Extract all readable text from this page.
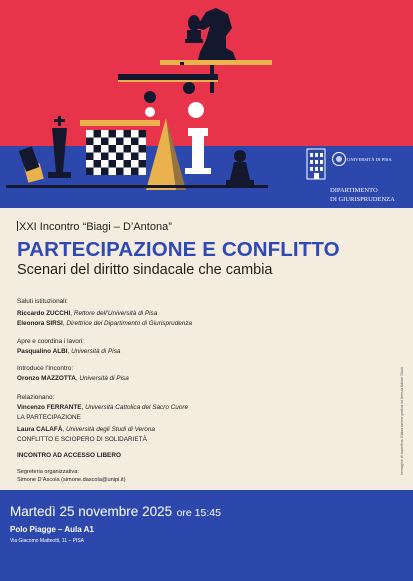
UNIVERSITÀ DI PISA
DIPARTIMENTO
DI GIURISPRUDENZA
XXI Incontro “Biagi – D’Antona”
PARTECIPAZIONE E CONFLITTO
Scenari del diritto sindacale che cambia
Saluti istituzionali:
Riccardo ZUCCHI, Rettore dell’Università di Pisa
Eleonora SIRSI, Direttrice del Dipartimento di Giurisprudenza
Apre e coordina i lavori:
Pasqualino ALBI, Università di Pisa
Introduce l’Incontro:
Oronzo MAZZOTTA, Università di Pisa
Relazionano:
Vincenzo FERRANTE, Università Cattolica del Sacro Cuore
LA PARTECIPAZIONE
Laura CALAFÀ, Università degli Studi di Verona
CONFLITTO E SCIOPERO DI SOLIDARIETÀ
INCONTRO AD ACCESSO LIBERO
Segreteria organizzativa:
Simone D’Ascola (simone.dascola@unipi.it)
Immagine di copertina: Elaborazione grafica su licenza Adobe Stock
Martedì 25 novembre 2025 ore 15:45
Polo Piagge – Aula A1
Via Giacomo Matteotti, 11 – PISA
